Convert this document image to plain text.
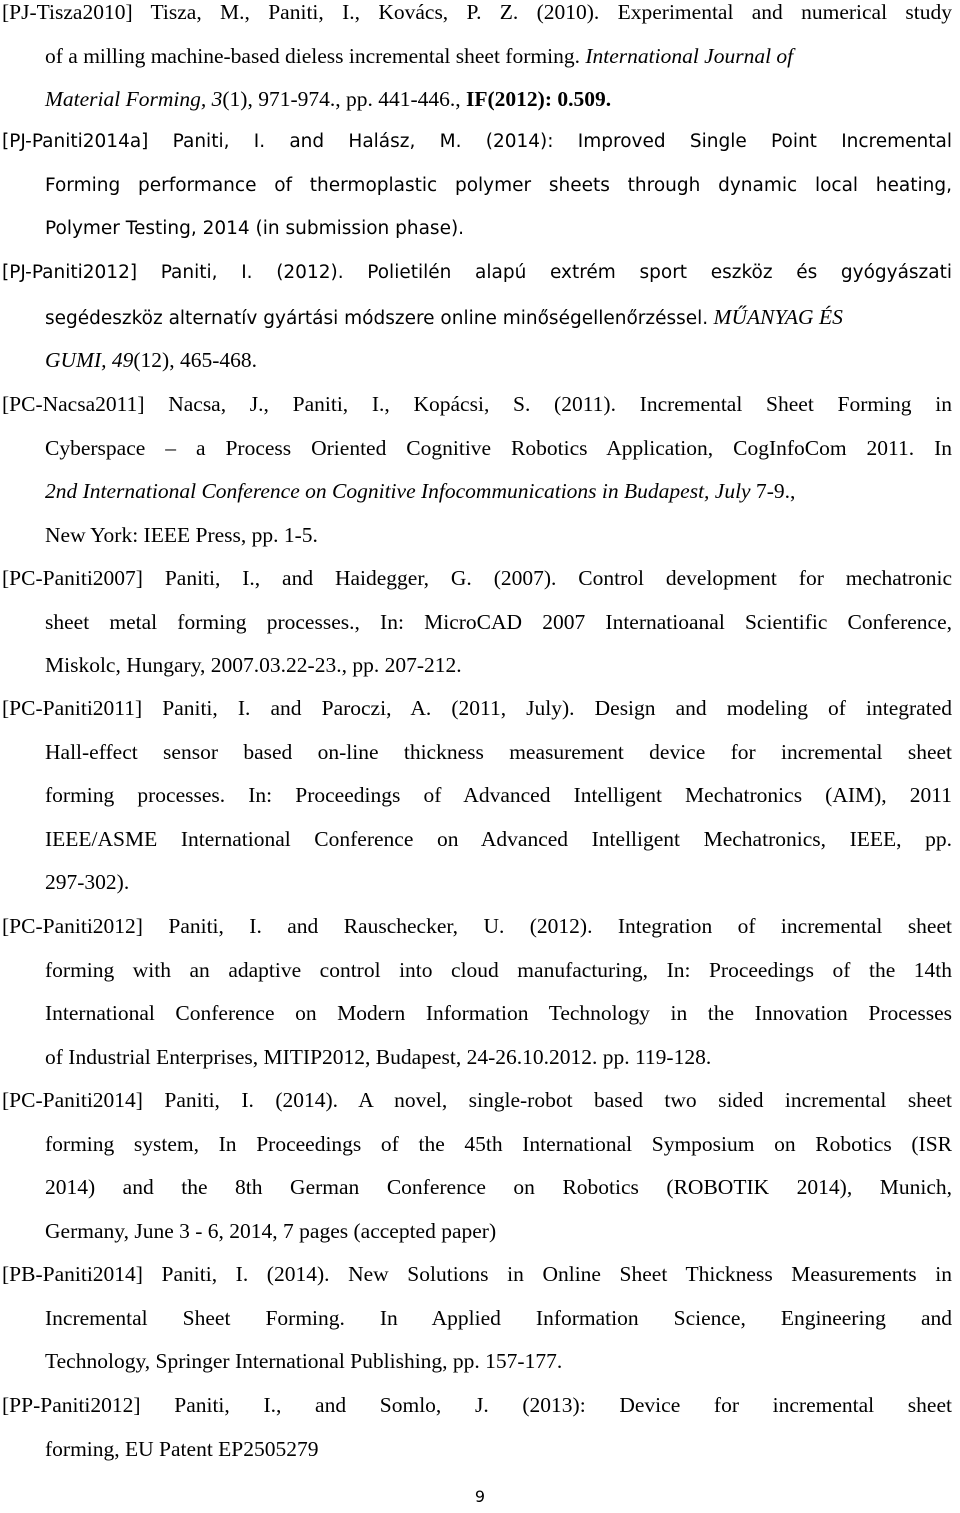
[PJ-Tisza2010] Tisza, M., Paniti, I., Kovács, P. Z. (2010). Experimental and numerical study
of a milling machine-based dieless incremental sheet forming. International Journal of
Material Forming, 3(1), 971-974., pp. 441-446., IF(2012): 0.509.
[PJ-Paniti2014a] Paniti, I. and Halász, M. (2014): Improved Single Point Incremental
Forming performance of thermoplastic polymer sheets through dynamic local heating,
Polymer Testing, 2014 (in submission phase).
[PJ-Paniti2012] Paniti, I. (2012). Polietilén alapú extrém sport eszköz és gyógyászati
segédeszköz alternatív gyártási módszere online minőségellenőrzéssel. MŰANYAG ÉS
GUMI, 49(12), 465-468.
[PC-Nacsa2011] Nacsa, J., Paniti, I., Kopácsi, S. (2011). Incremental Sheet Forming in
Cyberspace – a Process Oriented Cognitive Robotics Application, CogInfoCom 2011. In
2nd International Conference on Cognitive Infocommunications in Budapest, July 7-9.,
New York: IEEE Press, pp. 1-5.
[PC-Paniti2007] Paniti, I., and Haidegger, G. (2007). Control development for mechatronic
sheet metal forming processes., In: MicroCAD 2007 Internatioanal Scientific Conference,
Miskolc, Hungary, 2007.03.22-23., pp. 207-212.
[PC-Paniti2011] Paniti, I. and Paroczi, A. (2011, July). Design and modeling of integrated
Hall-effect sensor based on-line thickness measurement device for incremental sheet
forming processes. In: Proceedings of Advanced Intelligent Mechatronics (AIM), 2011
IEEE/ASME International Conference on Advanced Intelligent Mechatronics, IEEE, pp.
297-302).
[PC-Paniti2012] Paniti, I. and Rauschecker, U. (2012). Integration of incremental sheet
forming with an adaptive control into cloud manufacturing, In: Proceedings of the 14th
International Conference on Modern Information Technology in the Innovation Processes
of Industrial Enterprises, MITIP2012, Budapest, 24-26.10.2012. pp. 119-128.
[PC-Paniti2014] Paniti, I. (2014). A novel, single-robot based two sided incremental sheet
forming system, In Proceedings of the 45th International Symposium on Robotics (ISR
2014) and the 8th German Conference on Robotics (ROBOTIK 2014), Munich,
Germany, June 3 - 6, 2014, 7 pages (accepted paper)
[PB-Paniti2014] Paniti, I. (2014). New Solutions in Online Sheet Thickness Measurements in
Incremental Sheet Forming. In Applied Information Science, Engineering and
Technology, Springer International Publishing, pp. 157-177.
[PP-Paniti2012] Paniti, I., and Somlo, J. (2013): Device for incremental sheet
forming, EU Patent EP2505279
9
